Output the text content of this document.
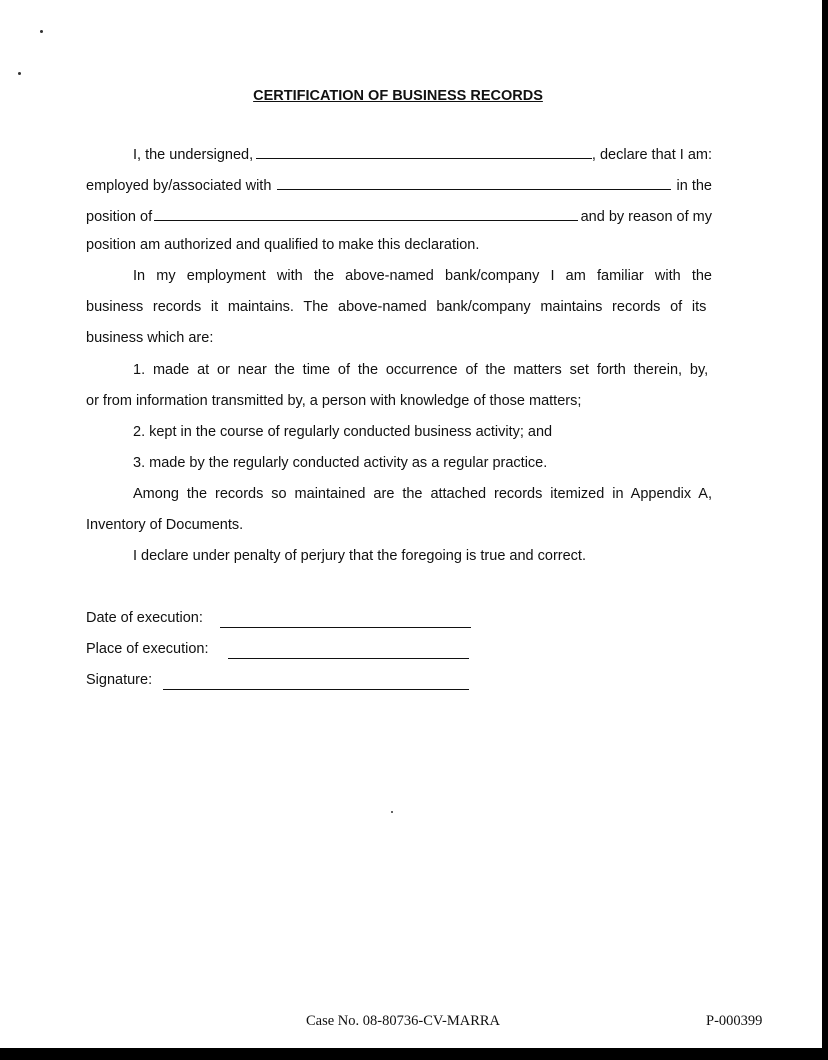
CERTIFICATION OF BUSINESS RECORDS
I, the undersigned,	, declare that I am:
employed by/associated with	in the
position of	and by reason of my
position am authorized and qualified to make this declaration.
In my employment with the above-named bank/company I am familiar with the
business records it maintains. The above-named bank/company maintains records of its
business which are:
1. made at or near the time of the occurrence of the matters set forth therein, by,
or from information transmitted by, a person with knowledge of those matters;
2. kept in the course of regularly conducted business activity; and
3. made by the regularly conducted activity as a regular practice.
Among the records so maintained are the attached records itemized in Appendix A,
Inventory of Documents.
I declare under penalty of perjury that the foregoing is true and correct.
Date of execution:
Place of execution:
Signature:
Case No. 08-80736-CV-MARRA	P-000399
